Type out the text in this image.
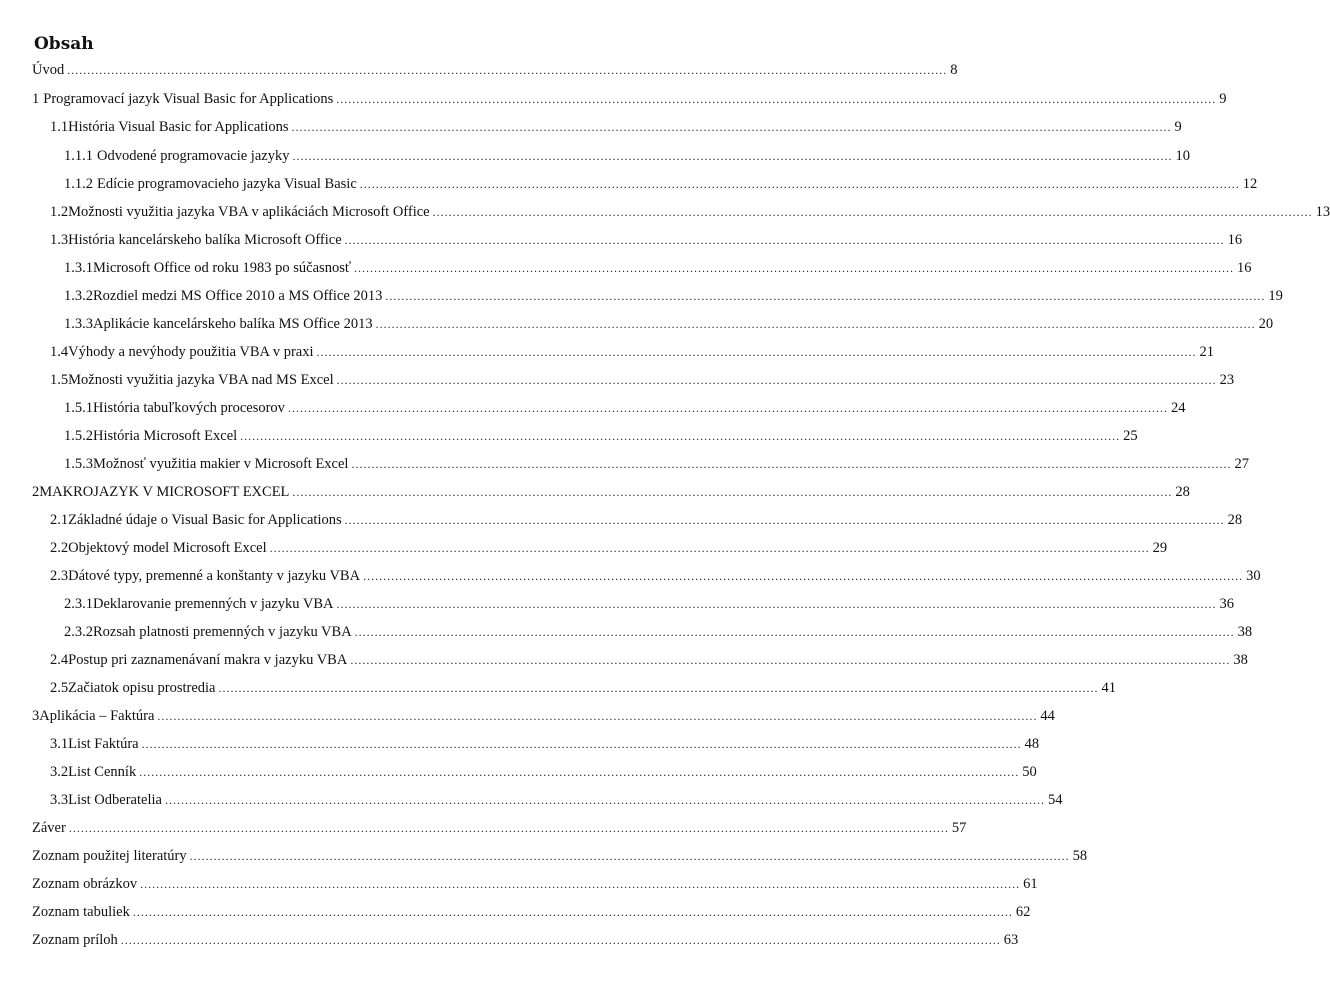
Obsah
Úvod ............................................................................................................................................................................................................................ 8
1 Programovací jazyk Visual Basic for Applications ............................................................................................................................................................................................................................ 9
1.1 História Visual Basic for Applications ............................................................................................................................................................................................................................ 9
1.1.1 Odvodené programovacie jazyky ............................................................................................................................................................................................................................ 10
1.1.2 Edície programovacieho jazyka Visual Basic ............................................................................................................................................................................................................................ 12
1.2 Možnosti využitia jazyka VBA v aplikáciách Microsoft Office ............................................................................................................................................................................................................................ 13
1.3 História kancelárskeho balíka Microsoft Office ............................................................................................................................................................................................................................ 16
1.3.1 Microsoft Office od roku 1983 po súčasnosť ............................................................................................................................................................................................................................ 16
1.3.2 Rozdiel medzi MS Office 2010 a MS Office 2013 ............................................................................................................................................................................................................................ 19
1.3.3 Aplikácie kancelárskeho balíka MS Office 2013 ............................................................................................................................................................................................................................ 20
1.4 Výhody a nevýhody použitia VBA v praxi ............................................................................................................................................................................................................................ 21
1.5 Možnosti využitia jazyka VBA nad MS Excel ............................................................................................................................................................................................................................ 23
1.5.1 História tabuľkových procesorov ............................................................................................................................................................................................................................ 24
1.5.2 História Microsoft Excel ............................................................................................................................................................................................................................ 25
1.5.3 Možnosť využitia makier v Microsoft Excel ............................................................................................................................................................................................................................ 27
2 MAKROJAZYK V MICROSOFT EXCEL ............................................................................................................................................................................................................................ 28
2.1 Základné údaje o Visual Basic for Applications ............................................................................................................................................................................................................................ 28
2.2 Objektový model Microsoft Excel ............................................................................................................................................................................................................................ 29
2.3 Dátové typy, premenné a konštanty v jazyku VBA ............................................................................................................................................................................................................................ 30
2.3.1 Deklarovanie premenných v jazyku VBA ............................................................................................................................................................................................................................ 36
2.3.2 Rozsah platnosti premenných v jazyku VBA ............................................................................................................................................................................................................................ 38
2.4 Postup pri zaznamenávaní makra v jazyku VBA ............................................................................................................................................................................................................................ 38
2.5 Začiatok opisu prostredia ............................................................................................................................................................................................................................ 41
3 Aplikácia – Faktúra ............................................................................................................................................................................................................................ 44
3.1 List Faktúra ............................................................................................................................................................................................................................ 48
3.2 List Cenník ............................................................................................................................................................................................................................ 50
3.3 List Odberatelia ............................................................................................................................................................................................................................ 54
Záver ............................................................................................................................................................................................................................ 57
Zoznam použitej literatúry ............................................................................................................................................................................................................................ 58
Zoznam obrázkov ............................................................................................................................................................................................................................ 61
Zoznam tabuliek ............................................................................................................................................................................................................................ 62
Zoznam príloh ............................................................................................................................................................................................................................ 63
